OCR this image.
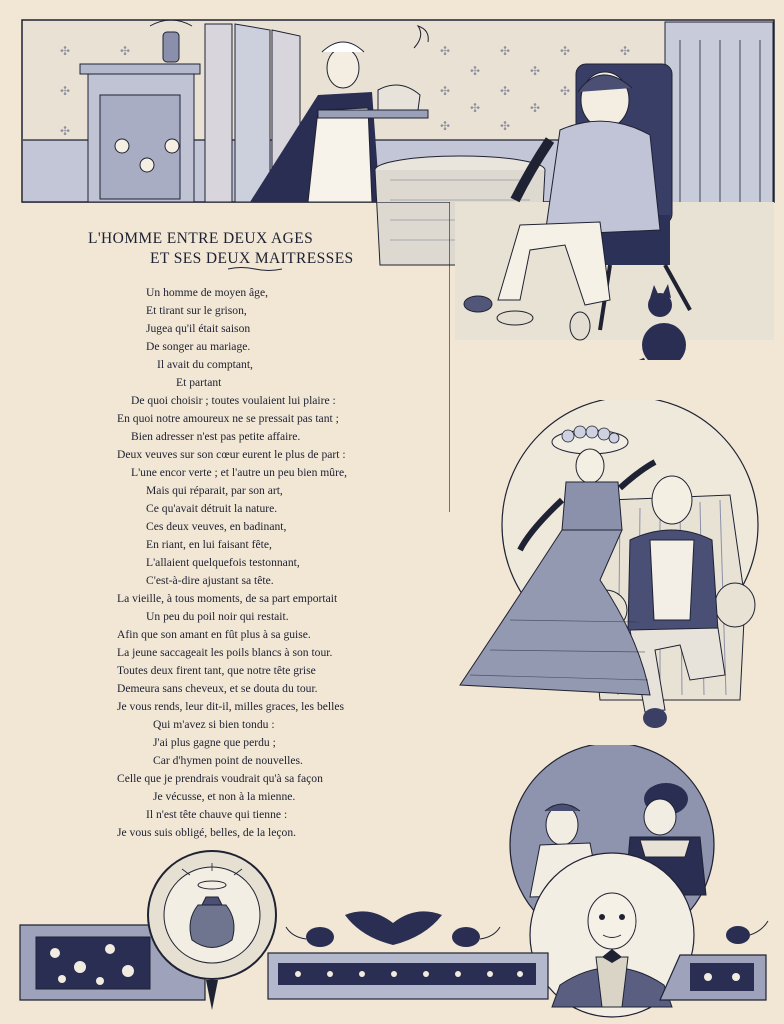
✣	✣	✣	✣	✣	✣
✣	✣	✣	✣
✣	✣	✣
✣	✣
✣	✣
L'HOMME ENTRE DEUX AGES
ET SES DEUX MAITRESSES
Un homme de moyen âge,
Et tirant sur le grison,
Jugea qu'il était saison
De songer au mariage.
Il avait du comptant,
Et partant
De quoi choisir ; toutes voulaient lui plaire :
En quoi notre amoureux ne se pressait pas tant ;
Bien adresser n'est pas petite affaire.
Deux veuves sur son cœur eurent le plus de part :
L'une encor verte ; et l'autre un peu bien mûre,
Mais qui réparait, par son art,
Ce qu'avait détruit la nature.
Ces deux veuves, en badinant,
En riant, en lui faisant fête,
L'allaient quelquefois testonnant,
C'est-à-dire ajustant sa tête.
La vieille, à tous moments, de sa part emportait
Un peu du poil noir qui restait.
Afin que son amant en fût plus à sa guise.
La jeune saccageait les poils blancs à son tour.
Toutes deux firent tant, que notre tête grise
Demeura sans cheveux, et se douta du tour.
Je vous rends, leur dit-il, milles graces, les belles
Qui m'avez si bien tondu :
J'ai plus gagne que perdu ;
Car d'hymen point de nouvelles.
Celle que je prendrais voudrait qu'à sa façon
Je vécusse, et non à la mienne.
Il n'est tête chauve qui tienne :
Je vous suis obligé, belles, de la leçon.
